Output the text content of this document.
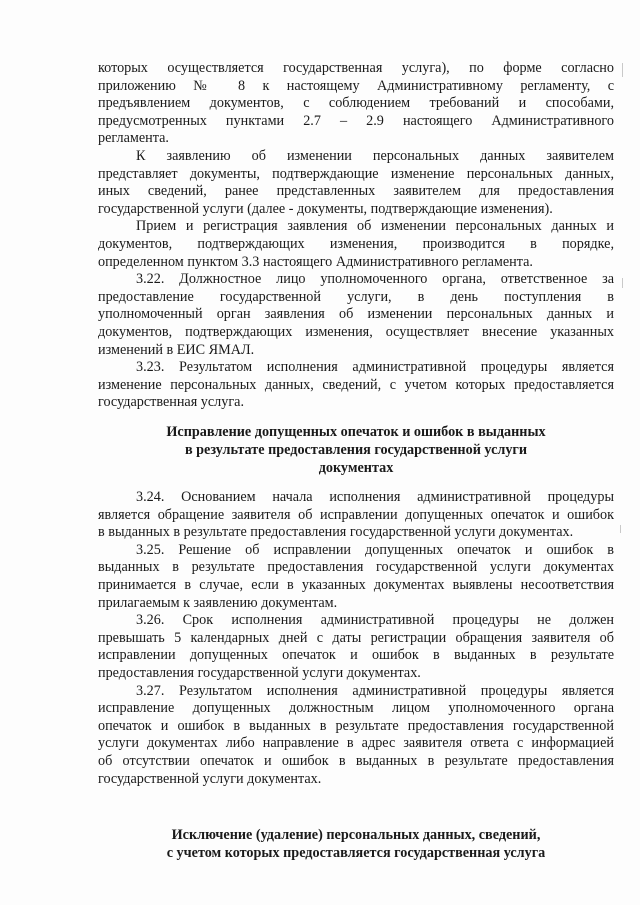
которых осуществляется государственная услуга), по форме согласно
приложению № 8 к настоящему Административному регламенту, с
предъявлением документов, с соблюдением требований и способами,
предусмотренных пунктами 2.7 – 2.9 настоящего Административного
регламента.
К заявлению об изменении персональных данных заявителем
представляет документы, подтверждающие изменение персональных данных,
иных сведений, ранее представленных заявителем для предоставления
государственной услуги (далее - документы, подтверждающие изменения).
Прием и регистрация заявления об изменении персональных данных и
документов, подтверждающих изменения, производится в порядке,
определенном пунктом 3.3 настоящего Административного регламента.
3.22. Должностное лицо уполномоченного органа, ответственное за
предоставление государственной услуги, в день поступления в
уполномоченный орган заявления об изменении персональных данных и
документов, подтверждающих изменения, осуществляет внесение указанных
изменений в ЕИС ЯМАЛ.
3.23. Результатом исполнения административной процедуры является
изменение персональных данных, сведений, с учетом которых предоставляется
государственная услуга.
Исправление допущенных опечаток и ошибок в выданных
в результате предоставления государственной услуги
документах
3.24. Основанием начала исполнения административной процедуры
является обращение заявителя об исправлении допущенных опечаток и ошибок
в выданных в результате предоставления государственной услуги документах.
3.25. Решение об исправлении допущенных опечаток и ошибок в
выданных в результате предоставления государственной услуги документах
принимается в случае, если в указанных документах выявлены несоответствия
прилагаемым к заявлению документам.
3.26. Срок исполнения административной процедуры не должен
превышать 5 календарных дней с даты регистрации обращения заявителя об
исправлении допущенных опечаток и ошибок в выданных в результате
предоставления государственной услуги документах.
3.27. Результатом исполнения административной процедуры является
исправление допущенных должностным лицом уполномоченного органа
опечаток и ошибок в выданных в результате предоставления государственной
услуги документах либо направление в адрес заявителя ответа с информацией
об отсутствии опечаток и ошибок в выданных в результате предоставления
государственной услуги документах.
Исключение (удаление) персональных данных, сведений,
с учетом которых предоставляется государственная услуга
